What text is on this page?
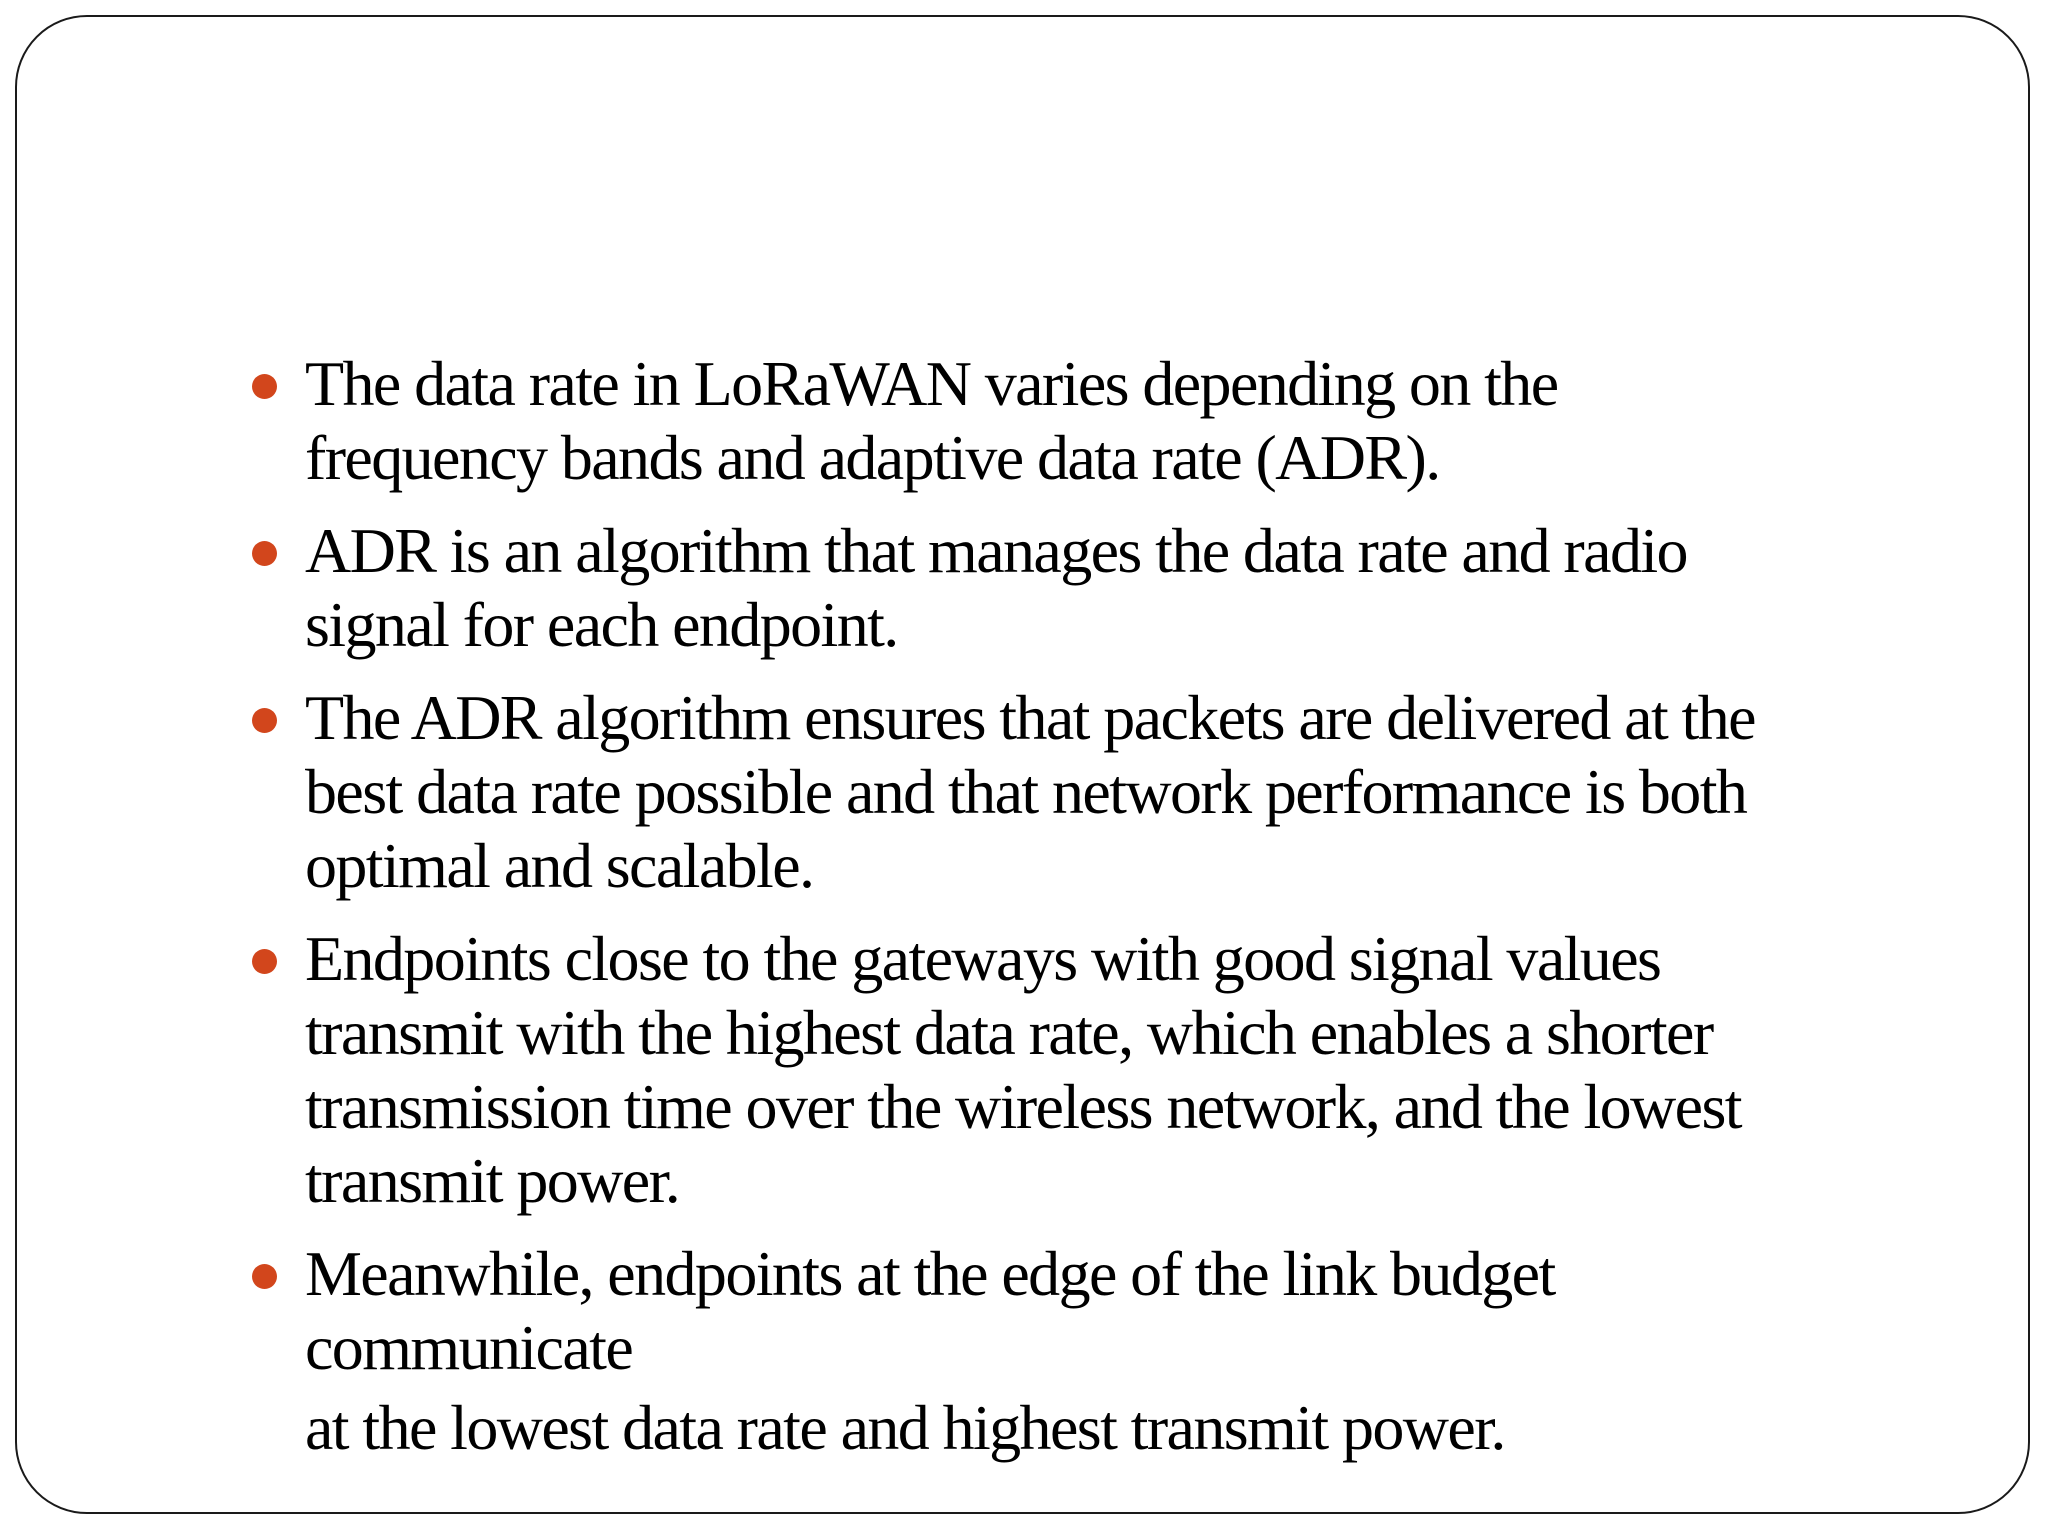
The data rate in LoRaWAN varies depending on the
frequency bands and adaptive data rate (ADR).
ADR is an algorithm that manages the data rate and radio
signal for each endpoint.
The ADR algorithm ensures that packets are delivered at the
best data rate possible and that network performance is both
optimal and scalable.
Endpoints close to the gateways with good signal values
transmit with the highest data rate, which enables a shorter
transmission time over the wireless network, and the lowest
transmit power.
Meanwhile, endpoints at the edge of the link budget
communicate
at the lowest data rate and highest transmit power.
